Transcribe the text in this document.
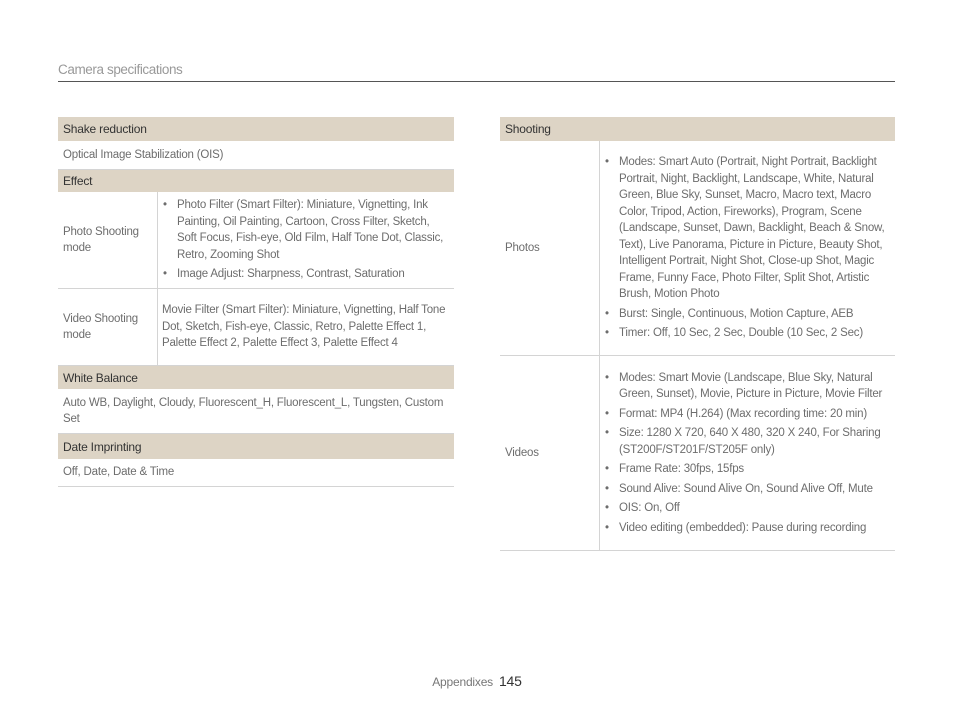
Camera specifications
Shake reduction
Optical Image Stabilization (OIS)
Effect
Photo Shooting mode
• Photo Filter (Smart Filter): Miniature, Vignetting, Ink Painting, Oil Painting, Cartoon, Cross Filter, Sketch, Soft Focus, Fish-eye, Old Film, Half Tone Dot, Classic, Retro, Zooming Shot
• Image Adjust: Sharpness, Contrast, Saturation
Video Shooting mode
Movie Filter (Smart Filter): Miniature, Vignetting, Half Tone Dot, Sketch, Fish-eye, Classic, Retro, Palette Effect 1, Palette Effect 2, Palette Effect 3, Palette Effect 4
White Balance
Auto WB, Daylight, Cloudy, Fluorescent_H, Fluorescent_L, Tungsten, Custom Set
Date Imprinting
Off, Date, Date & Time
Shooting
Photos
• Modes: Smart Auto (Portrait, Night Portrait, Backlight Portrait, Night, Backlight, Landscape, White, Natural Green, Blue Sky, Sunset, Macro, Macro text, Macro Color, Tripod, Action, Fireworks), Program, Scene (Landscape, Sunset, Dawn, Backlight, Beach & Snow, Text), Live Panorama, Picture in Picture, Beauty Shot, Intelligent Portrait, Night Shot, Close-up Shot, Magic Frame, Funny Face, Photo Filter, Split Shot, Artistic Brush, Motion Photo
• Burst: Single, Continuous, Motion Capture, AEB
• Timer: Off, 10 Sec, 2 Sec, Double (10 Sec, 2 Sec)
Videos
• Modes: Smart Movie (Landscape, Blue Sky, Natural Green, Sunset), Movie, Picture in Picture, Movie Filter
• Format: MP4 (H.264) (Max recording time: 20 min)
• Size: 1280 X 720, 640 X 480, 320 X 240, For Sharing (ST200F/ST201F/ST205F only)
• Frame Rate: 30fps, 15fps
• Sound Alive: Sound Alive On, Sound Alive Off, Mute
• OIS: On, Off
• Video editing (embedded): Pause during recording
Appendixes 145
